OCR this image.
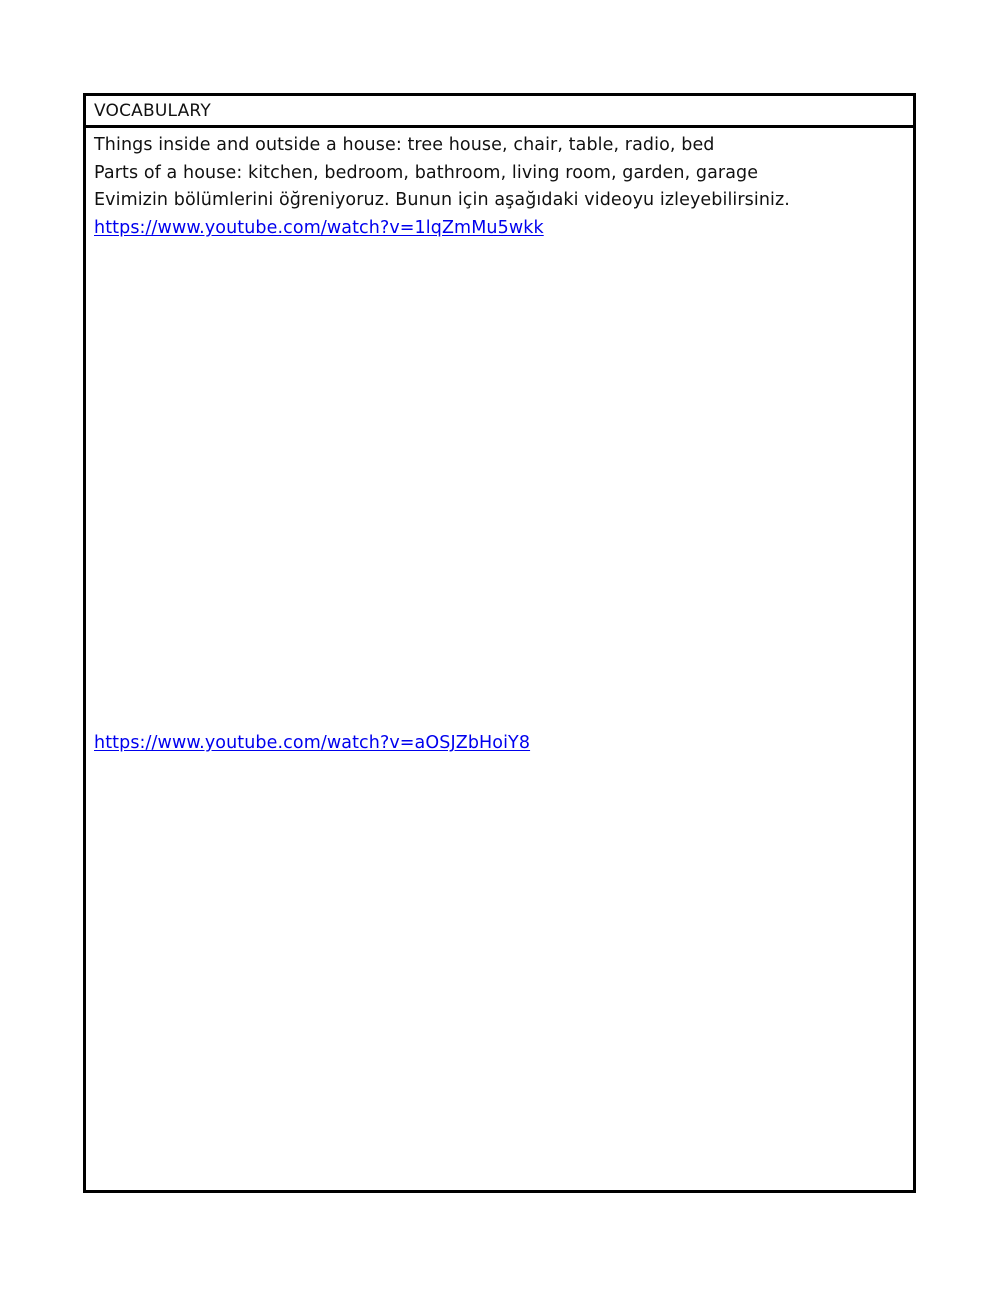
VOCABULARY
Things inside and outside a house: tree house, chair, table, radio, bed
Parts of a house: kitchen, bedroom, bathroom, living room, garden, garage
Evimizin bölümlerini öğreniyoruz. Bunun için aşağıdaki videoyu izleyebilirsiniz.
https://www.youtube.com/watch?v=1lqZmMu5wkk
https://www.youtube.com/watch?v=aOSJZbHoiY8
